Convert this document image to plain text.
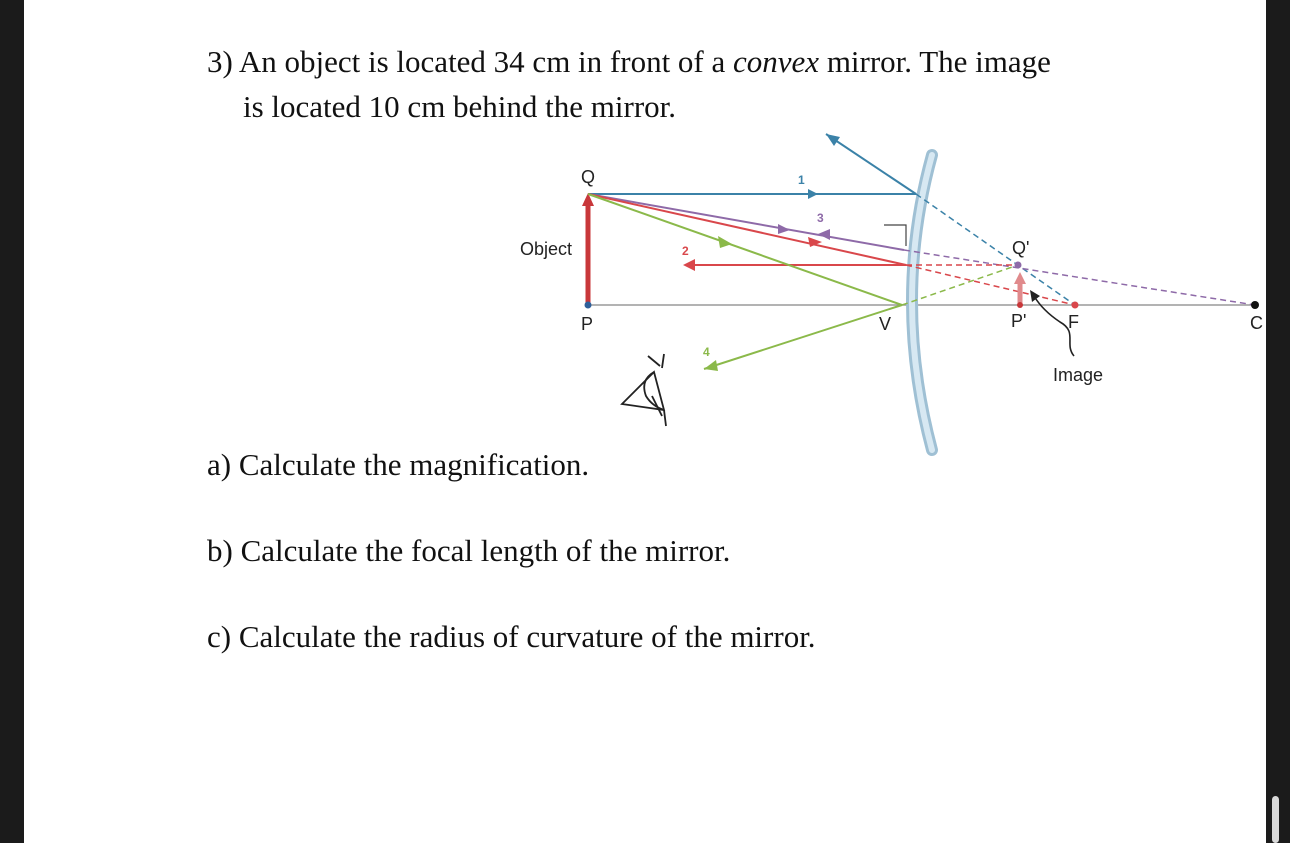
3) An object is located 34 cm in front of a convex mirror. The image
is located 10 cm behind the mirror.
Q
Object
P	V
Q'
P' F	C
Image
1
2
3
4
a) Calculate the magnification.
b) Calculate the focal length of the mirror.
c) Calculate the radius of curvature of the mirror.
